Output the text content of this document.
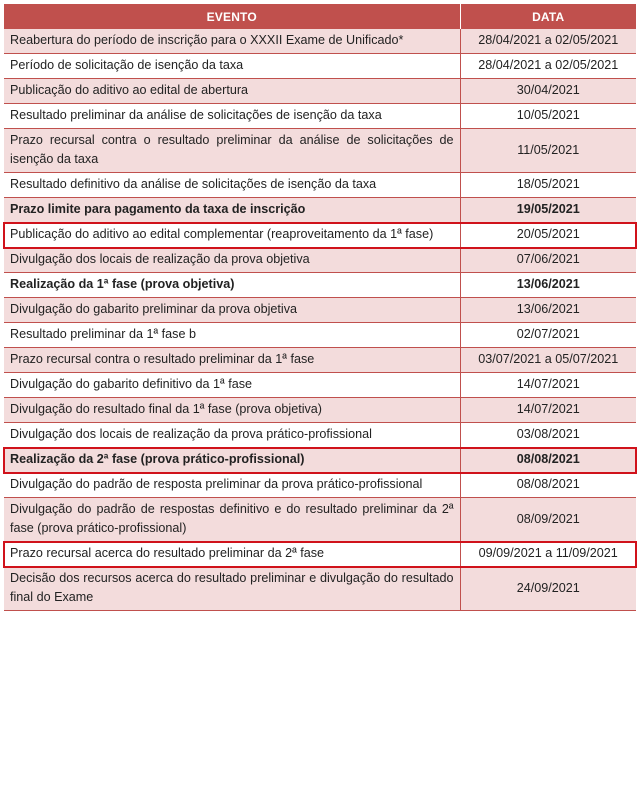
EVENTO	DATA
Reabertura do período de inscrição para o XXXII Exame de Unificado*	28/04/2021 a 02/05/2021
Período de solicitação de isenção da taxa	28/04/2021 a 02/05/2021
Publicação do aditivo ao edital de abertura	30/04/2021
Resultado preliminar da análise de solicitações de isenção da taxa	10/05/2021
Prazo recursal contra o resultado preliminar da análise de solicitações de isenção da taxa	11/05/2021
Resultado definitivo da análise de solicitações de isenção da taxa	18/05/2021
Prazo limite para pagamento da taxa de inscrição	19/05/2021
Publicação do aditivo ao edital complementar (reaproveitamento da 1ª fase)	20/05/2021
Divulgação dos locais de realização da prova objetiva	07/06/2021
Realização da 1ª fase (prova objetiva)	13/06/2021
Divulgação do gabarito preliminar da prova objetiva	13/06/2021
Resultado preliminar da 1ª fase b	02/07/2021
Prazo recursal contra o resultado preliminar da 1ª fase	03/07/2021 a 05/07/2021
Divulgação do gabarito definitivo da 1ª fase	14/07/2021
Divulgação do resultado final da 1ª fase (prova objetiva)	14/07/2021
Divulgação dos locais de realização da prova prático-profissional	03/08/2021
Realização da 2ª fase (prova prático-profissional)	08/08/2021
Divulgação do padrão de resposta preliminar da prova prático-profissional	08/08/2021
Divulgação do padrão de respostas definitivo e do resultado preliminar da 2ª fase (prova prático-profissional)	08/09/2021
Prazo recursal acerca do resultado preliminar da 2ª fase	09/09/2021 a 11/09/2021
Decisão dos recursos acerca do resultado preliminar e divulgação do resultado final do Exame	24/09/2021
